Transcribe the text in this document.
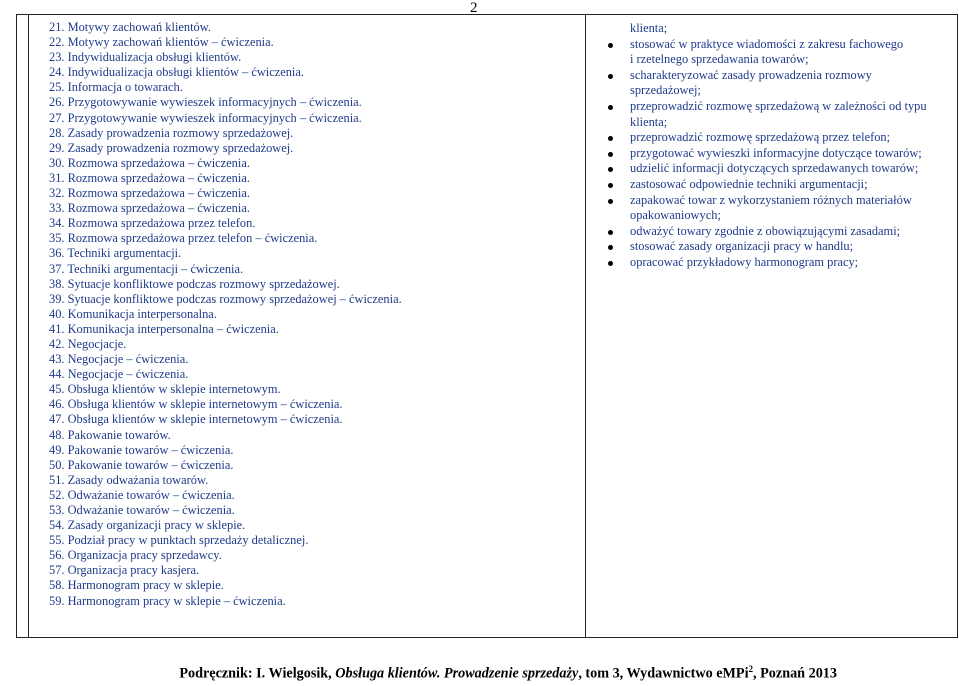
2

21. Motywy zachowań klientów.
22. Motywy zachowań klientów – ćwiczenia.
23. Indywidualizacja obsługi klientów.
24. Indywidualizacja obsługi klientów – ćwiczenia.
25. Informacja o towarach.
26. Przygotowywanie wywieszek informacyjnych – ćwiczenia.
27. Przygotowywanie wywieszek informacyjnych – ćwiczenia.
28. Zasady prowadzenia rozmowy sprzedażowej.
29. Zasady prowadzenia rozmowy sprzedażowej.
30. Rozmowa sprzedażowa – ćwiczenia.
31. Rozmowa sprzedażowa – ćwiczenia.
32. Rozmowa sprzedażowa – ćwiczenia.
33. Rozmowa sprzedażowa – ćwiczenia.
34. Rozmowa sprzedażowa przez telefon.
35. Rozmowa sprzedażowa przez telefon – ćwiczenia.
36. Techniki argumentacji.
37. Techniki argumentacji – ćwiczenia.
38. Sytuacje konfliktowe podczas rozmowy sprzedażowej.
39. Sytuacje konfliktowe podczas rozmowy sprzedażowej – ćwiczenia.
40. Komunikacja interpersonalna.
41. Komunikacja interpersonalna – ćwiczenia.
42. Negocjacje.
43. Negocjacje – ćwiczenia.
44. Negocjacje – ćwiczenia.
45. Obsługa klientów w sklepie internetowym.
46. Obsługa klientów w sklepie internetowym – ćwiczenia.
47. Obsługa klientów w sklepie internetowym – ćwiczenia.
48. Pakowanie towarów.
49. Pakowanie towarów – ćwiczenia.
50. Pakowanie towarów – ćwiczenia.
51. Zasady odważania towarów.
52. Odważanie towarów – ćwiczenia.
53. Odważanie towarów – ćwiczenia.
54. Zasady organizacji pracy w sklepie.
55. Podział pracy w punktach sprzedaży detalicznej.
56. Organizacja pracy sprzedawcy.
57. Organizacja pracy kasjera.
58. Harmonogram pracy w sklepie.
59. Harmonogram pracy w sklepie – ćwiczenia.

klienta;
stosować w praktyce wiadomości z zakresu fachowego
i rzetelnego sprzedawania towarów;
scharakteryzować zasady prowadzenia rozmowy
sprzedażowej;
przeprowadzić rozmowę sprzedażową w zależności od typu
klienta;
przeprowadzić rozmowę sprzedażową przez telefon;
przygotować wywieszki informacyjne dotyczące towarów;
udzielić informacji dotyczących sprzedawanych towarów;
zastosować odpowiednie techniki argumentacji;
zapakować towar z wykorzystaniem różnych materiałów
opakowaniowych;
odważyć towary zgodnie z obowiązującymi zasadami;
stosować zasady organizacji pracy w handlu;
opracować przykładowy harmonogram pracy;
Podręcznik: I. Wielgosik, Obsługa klientów. Prowadzenie sprzedaży, tom 3, Wydawnictwo eMPi$^2$, Poznań 2013
